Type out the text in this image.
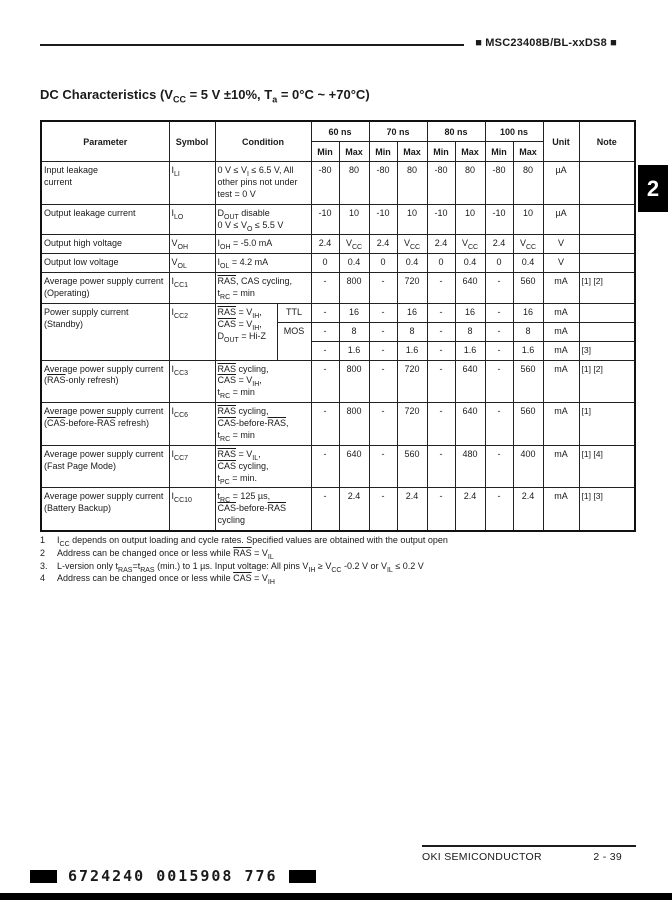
■ MSC23408B/BL-xxDS8 ■
2
DC Characteristics ($V_{CC} = 5$ V ±10%, $T_a = 0^\circ C$ ~ +70°C)
Parameter	Symbol	Condition		60 ns		70 ns		80 ns		100 ns		Unit	Note
				Min	Max	Min	Max	Min	Max	Min	Max		
Input leakage
current	$I_{LI}$	0 $V \le V_I \le 6.5$ V, All
other pins not under
test = 0 V		-80	80	-80	80	-80	80	-80	80	µA	
Output leakage current	$I_{LO}$	$D_{OUT}$ disable
0 $V \le V_O \le 5.5$ V		-10	10	-10	10	-10	10	-10	10	µA	
Output high voltage	$V_{OH}$	$I_{OH} = -5.0$ mA		2.4	$V_{CC}$	2.4	$V_{CC}$	2.4	$V_{CC}$	2.4	$V_{CC}$	V	
Output low voltage	$V_{OL}$	$I_{OL} = 4.2$ mA		0	0.4	0	0.4	0	0.4	0	0.4	V	
Average power supply current
(Operating)	$I_{CC1}$	$\overline{RAS}$, CAS cycling,
$t_{RC} = \min$		-	800	-	720	-	640	-	560	mA	[1] [2]
Power supply current
(Standby)	$I_{CC2}$	$\overline{RAS} = V_{IH}$,
$\overline{CAS} = V_{IH}$,
$D_{OUT} = Hi-Z$	TTL	-	16	-	16	-	16	-	16	mA	
			MOS	-	8	-	8	-	8	-	8	mA	
				-	1.6	-	1.6	-	1.6	-	1.6	mA	[3]
Average power supply current
($\overline{RAS}$-only refresh)	$I_{CC3}$	$\overline{RAS}$ cycling,
$\overline{CAS} = V_{IH}$,
$t_{RC} = \min$		-	800	-	720	-	640	-	560	mA	[1] [2]
Average power supply current
($\overline{CAS}-before-\overline{RAS}$ refresh)	$I_{CC6}$	$\overline{RAS}$ cycling,
$\overline{CAS}-before-\overline{RAS}$,
$t_{RC} = \min$		-	800	-	720	-	640	-	560	mA	[1]
Average power supply current
(Fast Page Mode)	$I_{CC7}$	$\overline{RAS} = V_{IL}$,
$\overline{CAS}$ cycling,
$t_{PC} = \min$.		-	640	-	560	-	480	-	400	mA	[1] [4]
Average power supply current
(Battery Backup)	$I_{CC10}$	$t_{RC} = 125$ µs,
$\overline{CAS}-before-\overline{RAS}$
cycling		-	2.4	-	2.4	-	2.4	-	2.4	mA	[1] [3]
1	$I_{CC}$ depends on output loading and cycle rates. Specified values are obtained with the output open
2	Address can be changed once or less while $\overline{RAS} = V_{IL}$
3.	L-version only $t_{RAS}=t_{RAS}$ (min.) to 1 µs. Input voltage: All pins $V_{IH} \ge V_{CC}$ -0.2 V or $V_{IL} \le 0.2$ V
4	Address can be changed once or less while $\overline{CAS} = V_{IH}$
OKI SEMICONDUCTOR	2 - 39
6724240 0015908 776
